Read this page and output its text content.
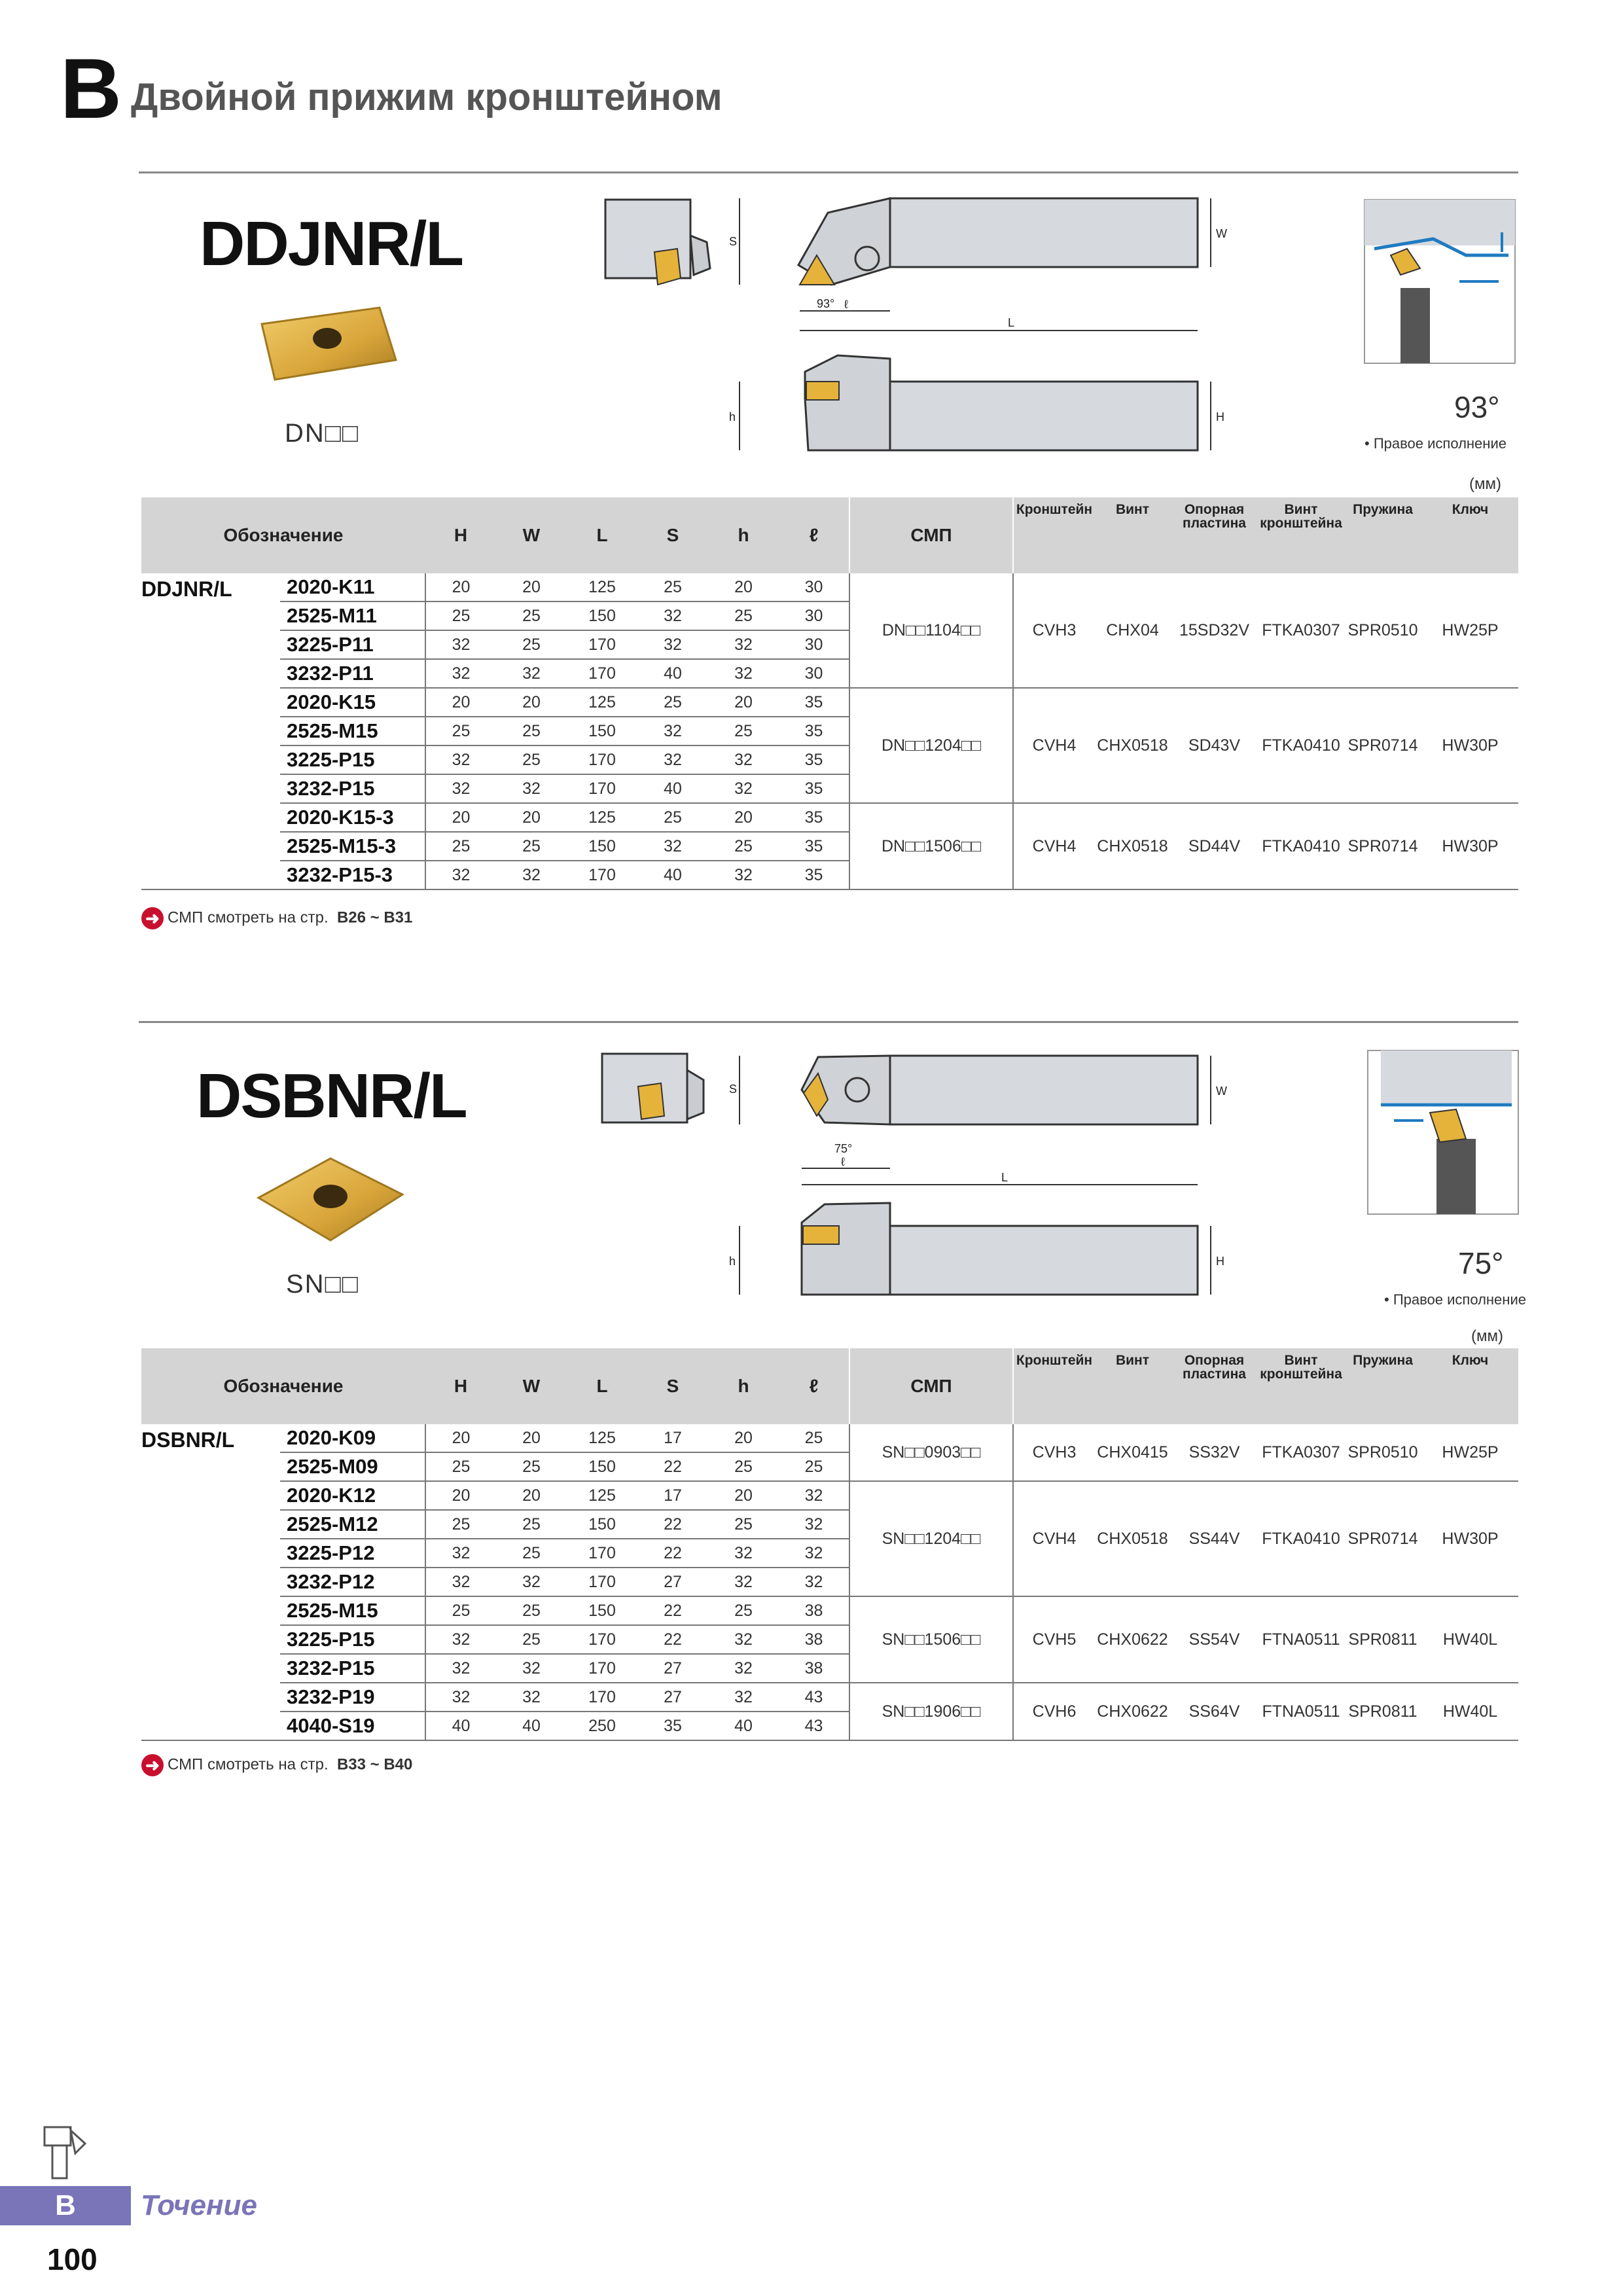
B Двойной прижим кронштейном
DDJNR/L
DN□□
S
W
L
ℓ
93°
h	H	93°
• Правое исполнение
(мм)
Обозначение		H	W	L	S	h	ℓ	СМП	Кронштейн	Винт	Опорная пластина	Винт кронштейна	Пружина	Ключ
DDJNR/L	2020-K11	20	20	125	25	20	30	DN□□1104□□	CVH3	CHX04	15SD32V	FTKA0307	SPR0510	HW25P
	2525-M11	25	25	150	32	25	30							
	3225-P11	32	25	170	32	32	30							
	3232-P11	32	32	170	40	32	30							
	2020-K15	20	20	125	25	20	35	DN□□1204□□	CVH4	CHX0518	SD43V	FTKA0410	SPR0714	HW30P
	2525-M15	25	25	150	32	25	35							
	3225-P15	32	25	170	32	32	35							
	3232-P15	32	32	170	40	32	35							
	2020-K15-3	20	20	125	25	20	35	DN□□1506□□	CVH4	CHX0518	SD44V	FTKA0410	SPR0714	HW30P
	2525-M15-3	25	25	150	32	25	35							
	3232-P15-3	32	32	170	40	32	35							
➜ СМП смотреть на стр. B26 ~ B31
DSBNR/L
SN□□
S	W
L
ℓ
75°
h	H	75°
• Правое исполнение
(мм)
Обозначение		H	W	L	S	h	ℓ	СМП	Кронштейн	Винт	Опорная пластина	Винт кронштейна	Пружина	Ключ
DSBNR/L	2020-K09	20	20	125	17	20	25	SN□□0903□□	CVH3	CHX0415	SS32V	FTKA0307	SPR0510	HW25P
	2525-M09	25	25	150	22	25	25							
	2020-K12	20	20	125	17	20	32	SN□□1204□□	CVH4	CHX0518	SS44V	FTKA0410	SPR0714	HW30P
	2525-M12	25	25	150	22	25	32							
	3225-P12	32	25	170	22	32	32							
	3232-P12	32	32	170	27	32	32							
	2525-M15	25	25	150	22	25	38	SN□□1506□□	CVH5	CHX0622	SS54V	FTNA0511	SPR0811	HW40L
	3225-P15	32	25	170	22	32	38							
	3232-P15	32	32	170	27	32	38							
	3232-P19	32	32	170	27	32	43	SN□□1906□□	CVH6	CHX0622	SS64V	FTNA0511	SPR0811	HW40L
	4040-S19	40	40	250	35	40	43							
➜ СМП смотреть на стр. B33 ~ B40
B	Точение
100
